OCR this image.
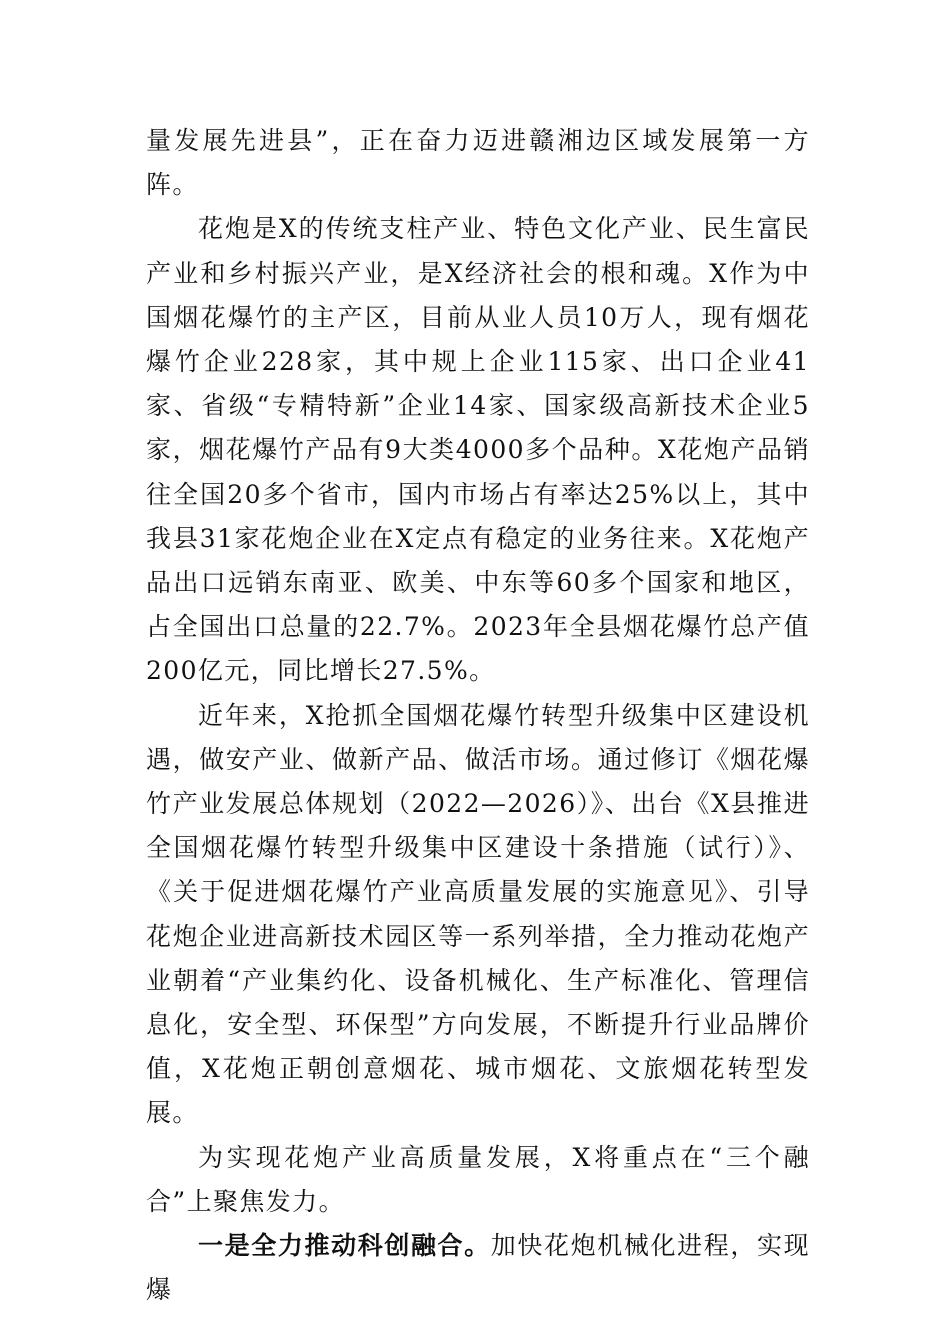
量发展先进县”，正在奋力迈进赣湘边区域发展第一方阵。

花炮是X的传统支柱产业、特色文化产业、民生富民产业和乡村振兴产业，是X经济社会的根和魂。X作为中国烟花爆竹的主产区，目前从业人员10万人，现有烟花爆竹企业228家，其中规上企业115家、出口企业41家、省级“专精特新”企业14家、国家级高新技术企业5家，烟花爆竹产品有9大类4000多个品种。X花炮产品销往全国20多个省市，国内市场占有率达25%以上，其中我县31家花炮企业在X定点有稳定的业务往来。X花炮产品出口远销东南亚、欧美、中东等60多个国家和地区，占全国出口总量的22.7%。2023年全县烟花爆竹总产值200亿元，同比增长27.5%。

近年来，X抢抓全国烟花爆竹转型升级集中区建设机遇，做安产业、做新产品、做活市场。通过修订《烟花爆竹产业发展总体规划（2022—2026）》、出台《X县推进全国烟花爆竹转型升级集中区建设十条措施（试行）》、《关于促进烟花爆竹产业高质量发展的实施意见》、引导花炮企业进高新技术园区等一系列举措，全力推动花炮产业朝着“产业集约化、设备机械化、生产标准化、管理信息化，安全型、环保型”方向发展，不断提升行业品牌价值，X花炮正朝创意烟花、城市烟花、文旅烟花转型发展。

为实现花炮产业高质量发展，X将重点在“三个融合”上聚焦发力。

一是全力推动科创融合。加快花炮机械化进程，实现爆
